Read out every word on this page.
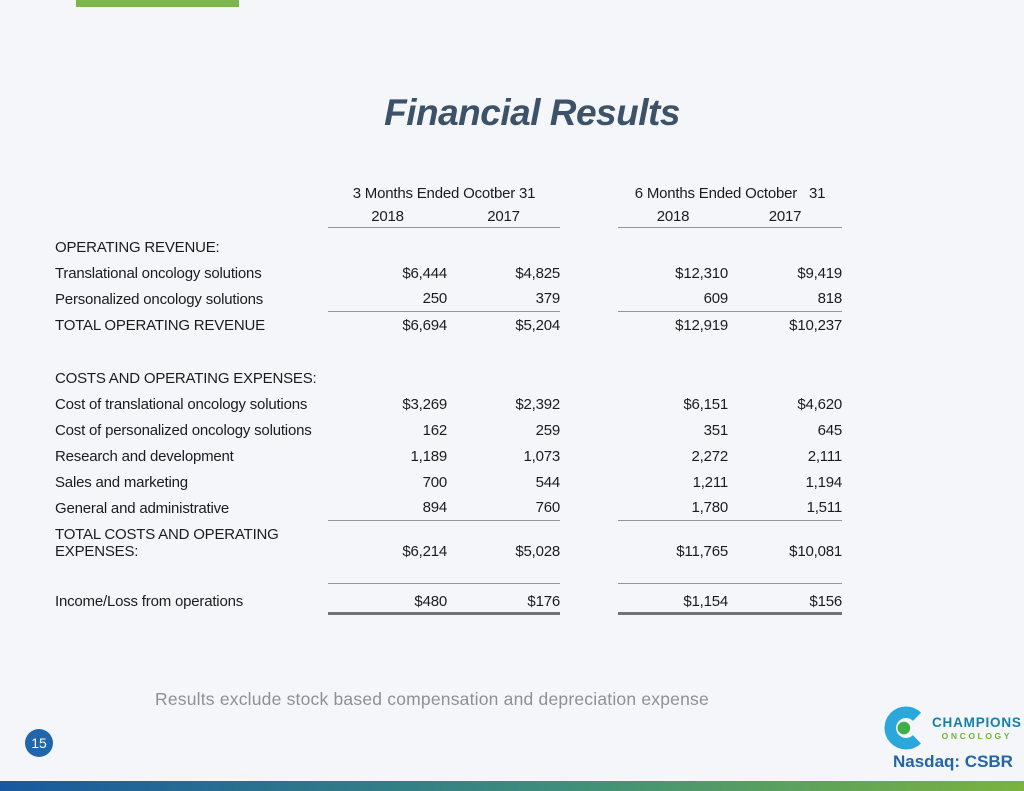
Financial Results
3 Months Ended Ocotber 31	6 Months Ended October   31
2018	2017	2018	2017
OPERATING REVENUE:
Translational oncology solutions	$6,444	$4,825	$12,310	$9,419
Personalized oncology solutions	250	379	609	818
TOTAL OPERATING REVENUE	$6,694	$5,204	$12,919	$10,237
COSTS AND OPERATING EXPENSES:
Cost of translational oncology solutions	$3,269	$2,392	$6,151	$4,620
Cost of personalized oncology solutions	162	259	351	645
Research and development	1,189	1,073	2,272	2,111
Sales and marketing	700	544	1,211	1,194
General and administrative	894	760	1,780	1,511
TOTAL COSTS AND OPERATING EXPENSES:	$6,214	$5,028	$11,765	$10,081
Income/Loss from operations	$480	$176	$1,154	$156
Results exclude stock based compensation and depreciation expense
15
CHAMPIONS
ONCOLOGY
Nasdaq: CSBR
